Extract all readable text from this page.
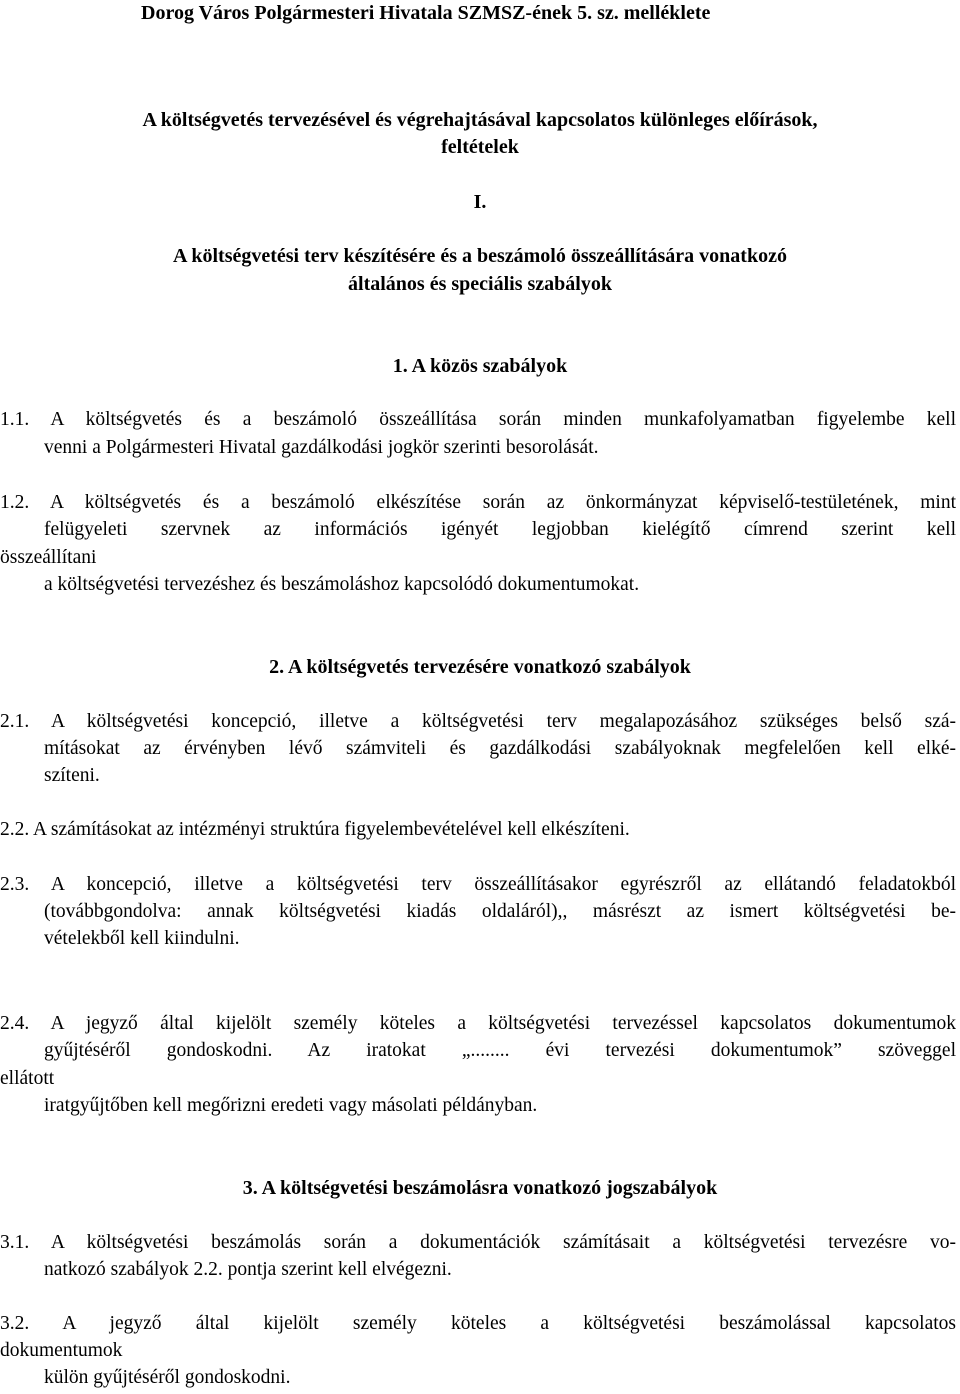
Dorog Város Polgármesteri Hivatala SZMSZ-ének 5. sz. melléklete
A költségvetés tervezésével és végrehajtásával kapcsolatos különleges előírások,
feltételek
I.
A költségvetési terv készítésére és a beszámoló összeállítására vonatkozó
általános és speciális szabályok
1. A közös szabályok
1.1. A költségvetés és a beszámoló összeállítása során minden munkafolyamatban figyelembe kell
venni a Polgármesteri Hivatal gazdálkodási jogkör szerinti besorolását.
1.2. A költségvetés és a beszámoló elkészítése során az önkormányzat képviselő-testületének, mint
felügyeleti szervnek az információs igényét legjobban kielégítő címrend szerint kell
összeállítani
a költségvetési tervezéshez és beszámoláshoz kapcsolódó dokumentumokat.
2. A költségvetés tervezésére vonatkozó szabályok
2.1. A költségvetési koncepció, illetve a költségvetési terv megalapozásához szükséges belső szá-
mításokat az érvényben lévő számviteli és gazdálkodási szabályoknak megfelelően kell elké-
szíteni.
2.2. A számításokat az intézményi struktúra figyelembevételével kell elkészíteni.
2.3. A koncepció, illetve a költségvetési terv összeállításakor egyrészről az ellátandó feladatokból
(továbbgondolva: annak költségvetési kiadás oldaláról),, másrészt az ismert költségvetési be-
vételekből kell kiindulni.
2.4. A jegyző által kijelölt személy köteles a költségvetési tervezéssel kapcsolatos dokumentumok
gyűjtéséről gondoskodni. Az iratokat „........ évi tervezési dokumentumok” szöveggel
ellátott
iratgyűjtőben kell megőrizni eredeti vagy másolati példányban.
3. A költségvetési beszámolásra vonatkozó jogszabályok
3.1. A költségvetési beszámolás során a dokumentációk számításait a költségvetési tervezésre vo-
natkozó szabályok 2.2. pontja szerint kell elvégezni.
3.2. A jegyző által kijelölt személy köteles a költségvetési beszámolással kapcsolatos
dokumentumok
külön gyűjtéséről gondoskodni.
